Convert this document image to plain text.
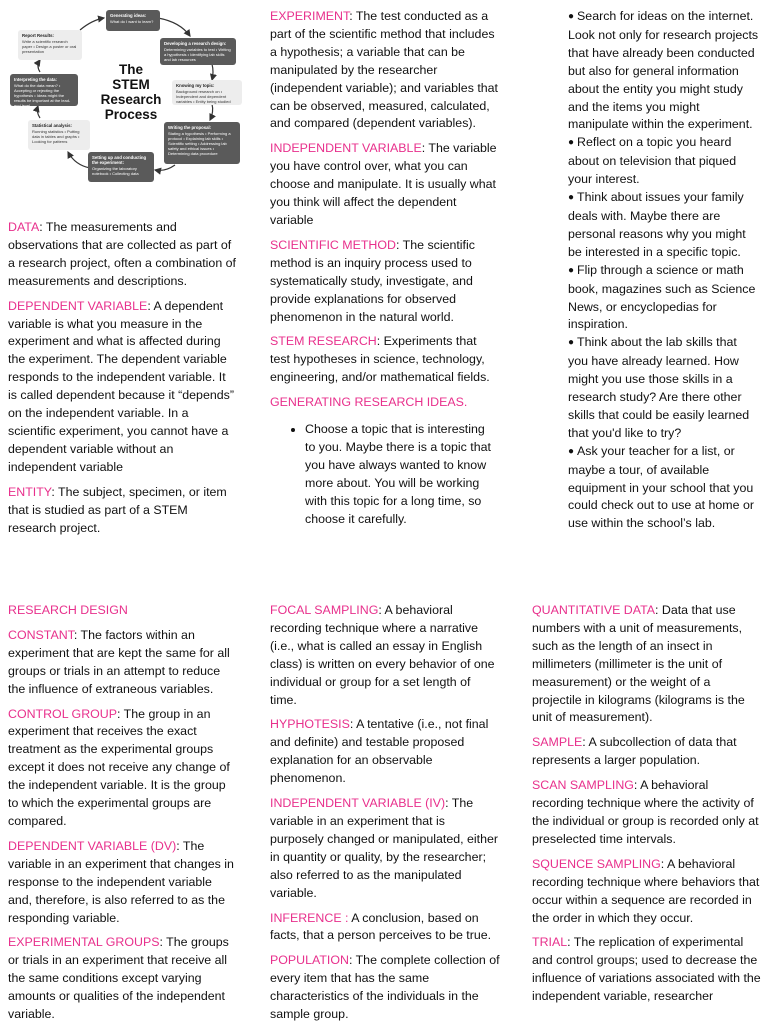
Generating ideas:
What do I want to learn?
Developing a research design:
Determining variables to test • Writing a hypothesis • Identifying lab skills and lab resources
Knowing my topic:
Background research on • Independent and dependent variables • Entity being studied
Writing the proposal:
Stating a hypothesis • Performing a protocol • Explaining lab skills • Scientific setting • Addressing lab safety and ethical issues • Determining data procedure
Setting up and conducting the experiment:
Organizing the laboratory notebook • Collecting data
Statistical analysis:
Running statistics • Putting data in tables and graphs • Looking for patterns
Interpreting the data:
What do the data mean? • Accepting or rejecting the hypothesis • Ideas might the results be important at the lead-end level
Report Results:
Write a scientific research paper • Design a poster or oral presentation
The
STEM
Research
Process

DATA: The measurements and observations that are collected as part of a research project, often a combination of measurements and descriptions.

DEPENDENT VARIABLE: A dependent variable is what you measure in the experiment and what is affected during the experiment. The dependent variable responds to the independent variable. It is called dependent because it “depends” on the independent variable. In a scientific experiment, you cannot have a dependent variable without an independent variable

ENTITY: The subject, specimen, or item that is studied as part of a STEM research project.

EXPERIMENT: The test conducted as a part of the scientific method that includes a hypothesis; a variable that can be manipulated by the researcher (independent variable); and variables that can be observed, measured, calculated, and compared (dependent variables).

INDEPENDENT VARIABLE: The variable you have control over, what you can choose and manipulate. It is usually what you think will affect the dependent variable

SCIENTIFIC METHOD: The scientific method is an inquiry process used to systematically study, investigate, and provide explanations for observed phenomenon in the natural world.

STEM RESEARCH: Experiments that test hypotheses in science, technology, engineering, and/or mathematical fields.

GENERATING RESEARCH IDEAS.

• Choose a topic that is interesting to you. Maybe there is a topic that you have always wanted to know more about. You will be working with this topic for a long time, so choose it carefully.
● Search for ideas on the internet. Look not only for research projects that have already been conducted but also for general information about the entity you might study and the items you might manipulate within the experiment.
● Reflect on a topic you heard about on television that piqued your interest.
● Think about issues your family deals with. Maybe there are personal reasons why you might be interested in a specific topic.
● Flip through a science or math book, magazines such as Science News, or encyclopedias for inspiration.
● Think about the lab skills that you have already learned. How might you use those skills in a research study? Are there other skills that could be easily learned that you'd like to try?
● Ask your teacher for a list, or maybe a tour, of available equipment in your school that you could check out to use at home or use within the school’s lab.

RESEARCH DESIGN

CONSTANT: The factors within an experiment that are kept the same for all groups or trials in an attempt to reduce the influence of extraneous variables.

CONTROL GROUP: The group in an experiment that receives the exact treatment as the experimental groups except it does not receive any change of the independent variable. It is the group to which the experimental groups are compared.

DEPENDENT VARIABLE (DV): The variable in an experiment that changes in response to the independent variable and, therefore, is also referred to as the responding variable.

EXPERIMENTAL GROUPS: The groups or trials in an experiment that receive all the same conditions except varying amounts or qualities of the independent variable.

FOCAL SAMPLING: A behavioral recording technique where a narrative (i.e., what is called an essay in English class) is written on every behavior of one individual or group for a set length of time.

HYPHOTESIS: A tentative (i.e., not final and definite) and testable proposed explanation for an observable phenomenon.

INDEPENDENT VARIABLE (IV): The variable in an experiment that is purposely changed or manipulated, either in quantity or quality, by the researcher; also referred to as the manipulated variable.

INFERENCE : A conclusion, based on facts, that a person perceives to be true.

POPULATION: The complete collection of every item that has the same characteristics of the individuals in the sample group.

QUANTITATIVE DATA: Data that use numbers with a unit of measurements, such as the length of an insect in millimeters (millimeter is the unit of measurement) or the weight of a projectile in kilograms (kilograms is the unit of measurement).

SAMPLE: A subcollection of data that represents a larger population.

SCAN SAMPLING: A behavioral recording technique where the activity of the individual or group is recorded only at preselected time intervals.

SQUENCE SAMPLING: A behavioral recording technique where behaviors that occur within a sequence are recorded in the order in which they occur.

TRIAL: The replication of experimental and control groups; used to decrease the influence of variations associated with the independent variable, researcher
